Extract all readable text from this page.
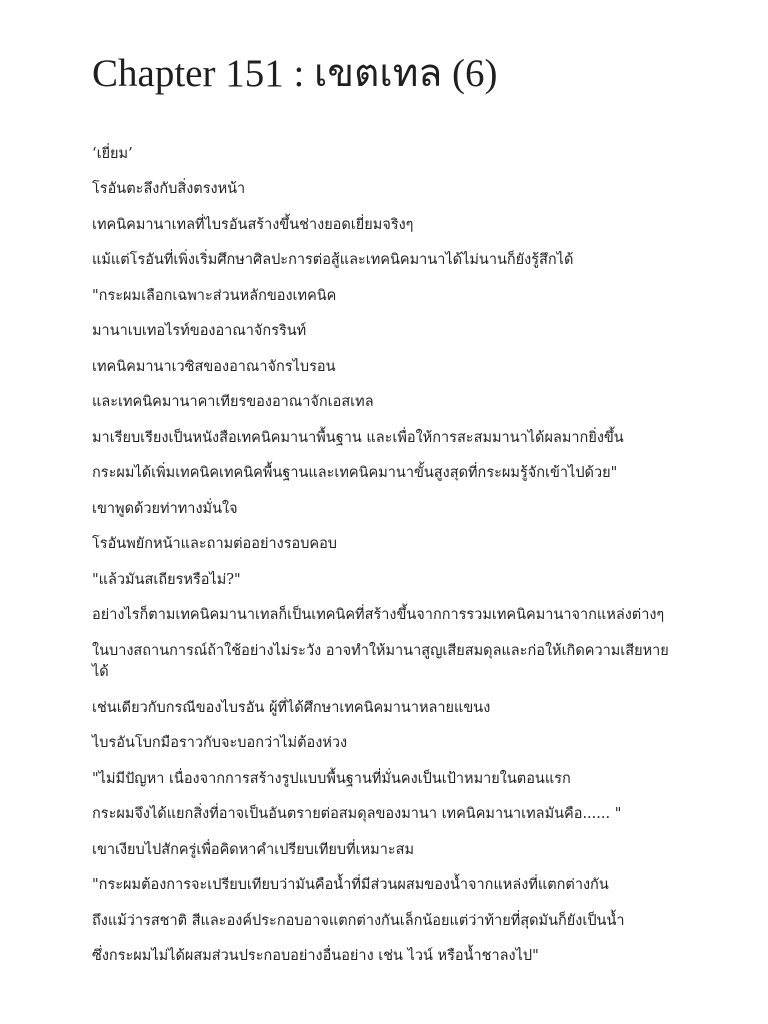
Chapter 151 : เขตเทล (6)

‘เยี่ยม’

โรอันตะลึงกับสิ่งตรงหน้า

เทคนิคมานาเทลที่ไบรอันสร้างขึ้นช่างยอดเยี่ยมจริงๆ

แม้แต่โรอันที่เพิ่งเริ่มศึกษาศิลปะการต่อสู้และเทคนิคมานาได้ไม่นานก็ยังรู้สึกได้

"กระผมเลือกเฉพาะส่วนหลักของเทคนิค

มานาเบเทอไรท์ของอาณาจักรรินท์

เทคนิคมานาเวซิสของอาณาจักรไบรอน

และเทคนิคมานาคาเทียรของอาณาจักเอสเทล

มาเรียบเรียงเป็นหนังสือเทคนิคมานาพื้นฐาน และเพื่อให้การสะสมมานาได้ผลมากยิ่งขึ้น

กระผมได้เพิ่มเทคนิคเทคนิคพื้นฐานและเทคนิคมานาขั้นสูงสุดที่กระผมรู้จักเข้าไปด้วย"

เขาพูดด้วยท่าทางมั่นใจ

โรอันพยักหน้าและถามต่ออย่างรอบคอบ

"แล้วมันสเถียรหรือไม่?"

อย่างไรก็ตามเทคนิคมานาเทลก็เป็นเทคนิคที่สร้างขึ้นจากการรวมเทคนิคมานาจากแหล่งต่างๆ

ในบางสถานการณ์ถ้าใช้อย่างไม่ระวัง อาจทำให้มานาสูญเสียสมดุลและก่อให้เกิดความเสียหายได้

เช่นเดียวกับกรณีของไบรอัน ผู้ที่ได้ศึกษาเทคนิคมานาหลายแขนง

ไบรอันโบกมือราวกับจะบอกว่าไม่ต้องห่วง

"ไม่มีปัญหา เนื่องจากการสร้างรูปแบบพื้นฐานที่มั่นคงเป็นเป้าหมายในตอนแรก

กระผมจึงได้แยกสิ่งที่อาจเป็นอันตรายต่อสมดุลของมานา เทคนิคมานาเทลมันคือ...... "

เขาเงียบไปสักครู่เพื่อคิดหาคำเปรียบเทียบที่เหมาะสม

"กระผมต้องการจะเปรียบเทียบว่ามันคือน้ำที่มีส่วนผสมของน้ำจากแหล่งที่แตกต่างกัน

ถึงแม้ว่ารสชาติ สีและองค์ประกอบอาจแตกต่างกันเล็กน้อยแต่ว่าท้ายที่สุดมันก็ยังเป็นน้ำ

ซึ่งกระผมไม่ได้ผสมส่วนประกอบอย่างอื่นอย่าง เช่น ไวน์ หรือน้ำชาลงไป"
